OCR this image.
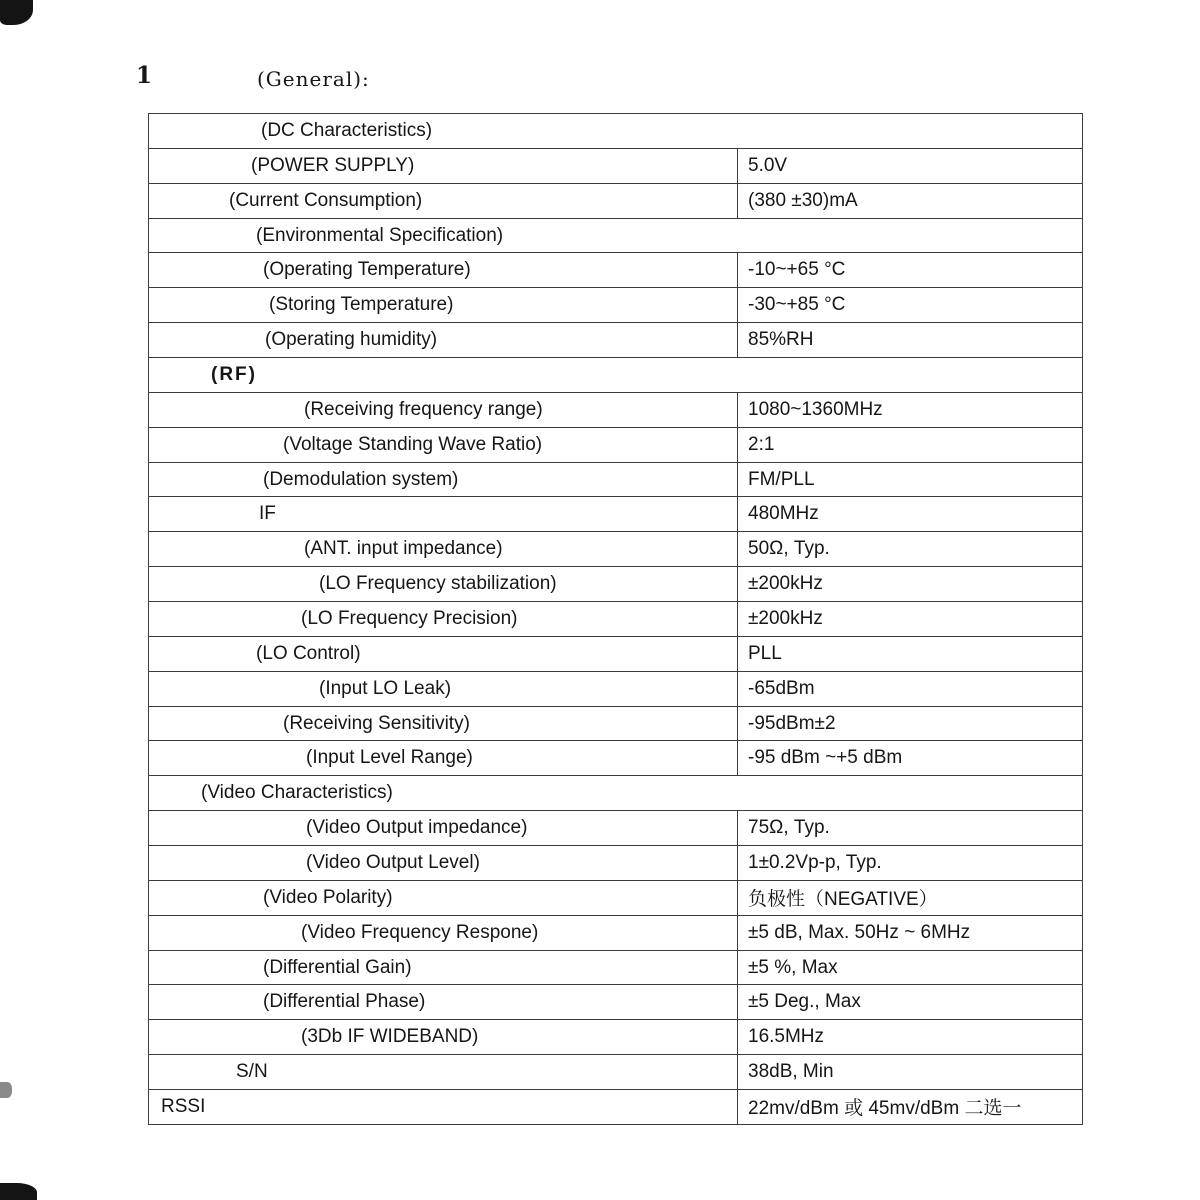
1	(General):
(DC Characteristics)
(POWER SUPPLY)	5.0V
(Current Consumption)	(380 ±30)mA
(Environmental Specification)
(Operating Temperature)	-10~+65 °C
(Storing Temperature)	-30~+85 °C
(Operating humidity)	85%RH
(RF)
(Receiving frequency range)	1080~1360MHz
(Voltage Standing Wave Ratio)	2:1
(Demodulation system)	FM/PLL
IF	480MHz
(ANT. input impedance)	50Ω, Typ.
(LO Frequency stabilization)	±200kHz
(LO Frequency Precision)	±200kHz
(LO Control)	PLL
(Input LO Leak)	-65dBm
(Receiving Sensitivity)	-95dBm±2
(Input Level Range)	-95 dBm ~+5 dBm
(Video Characteristics)
(Video Output impedance)	75Ω, Typ.
(Video Output Level)	1±0.2Vp-p, Typ.
(Video Polarity)	负极性（NEGATIVE）
(Video Frequency Respone)	±5 dB, Max. 50Hz ~ 6MHz
(Differential Gain)	±5 %, Max
(Differential Phase)	±5 Deg., Max
(3Db IF WIDEBAND)	16.5MHz
S/N	38dB, Min
RSSI	22mv/dBm 或 45mv/dBm 二选一
